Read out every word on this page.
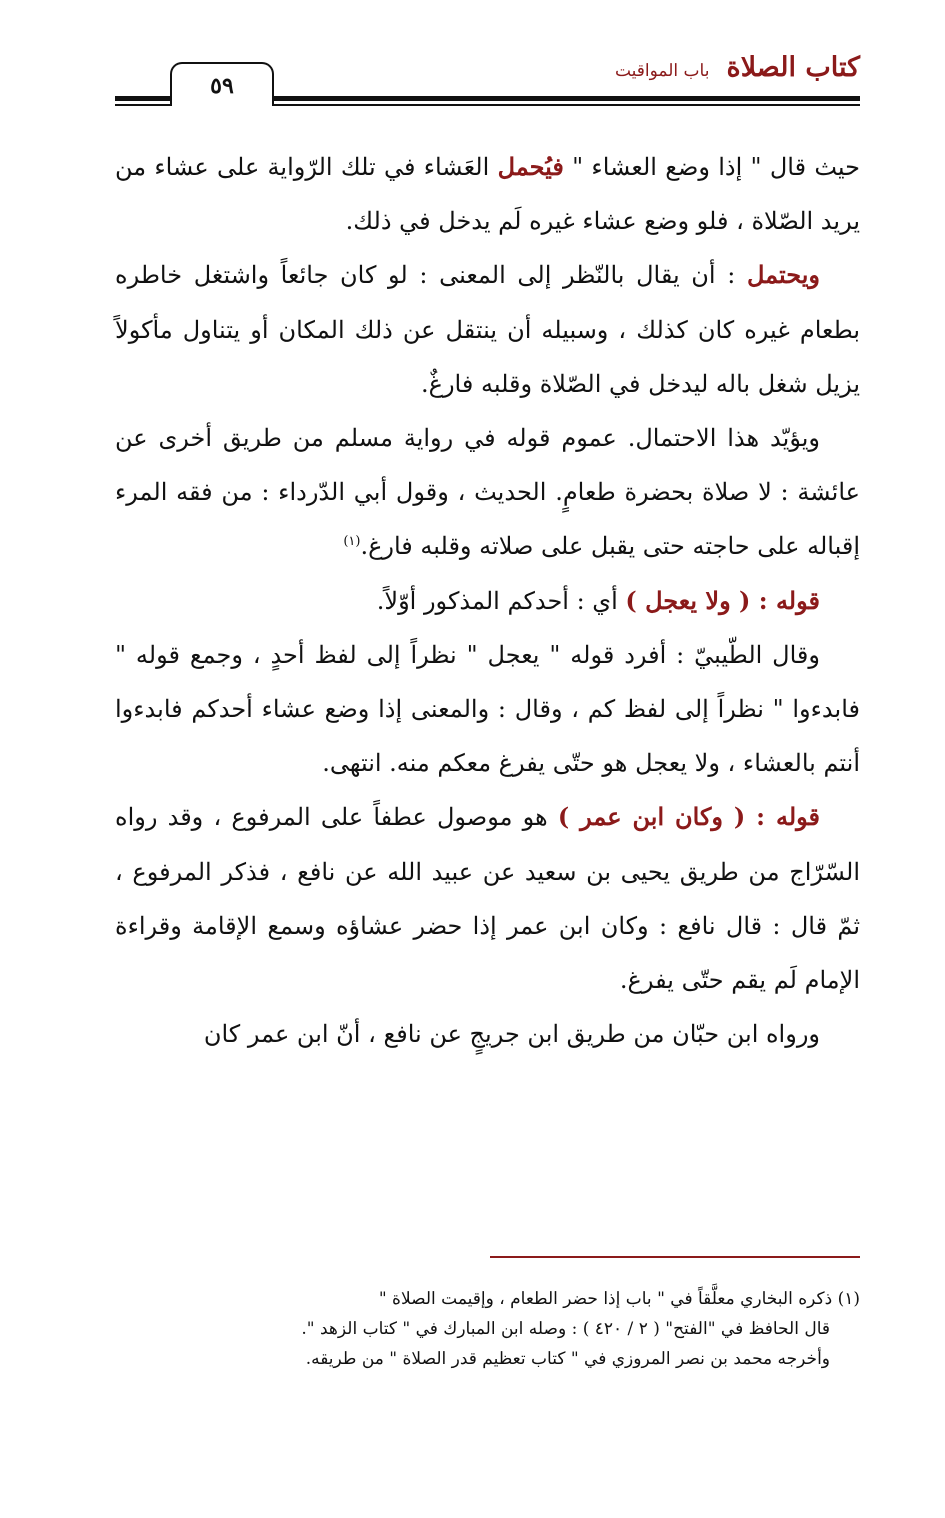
٥٩
كتاب الصلاة باب المواقيت

حيث قال " إذا وضع العشاء " فيُحمل العَشاء في تلك الرّواية على عشاء من يريد الصّلاة ، فلو وضع عشاء غيره لَم يدخل في ذلك.

ويحتمل : أن يقال بالنّظر إلى المعنى : لو كان جائعاً واشتغل خاطره بطعام غيره كان كذلك ، وسبيله أن ينتقل عن ذلك المكان أو يتناول مأكولاً يزيل شغل باله ليدخل في الصّلاة وقلبه فارغٌ.

ويؤيّد هذا الاحتمال. عموم قوله في رواية مسلم من طريق أخرى عن عائشة : لا صلاة بحضرة طعامٍ. الحديث ، وقول أبي الدّرداء : من فقه المرء إقباله على حاجته حتى يقبل على صلاته وقلبه فارغ.$^{(١)}$

قوله : ( ولا يعجل ) أي : أحدكم المذكور أوّلاً.

وقال الطّيبيّ : أفرد قوله " يعجل " نظراً إلى لفظ أحدٍ ، وجمع قوله " فابدءوا " نظراً إلى لفظ كم ، وقال : والمعنى إذا وضع عشاء أحدكم فابدءوا أنتم بالعشاء ، ولا يعجل هو حتّى يفرغ معكم منه. انتهى.

قوله : ( وكان ابن عمر ) هو موصول عطفاً على المرفوع ، وقد رواه السّرّاج من طريق يحيى بن سعيد عن عبيد الله عن نافع ، فذكر المرفوع ، ثمّ قال : قال نافع : وكان ابن عمر إذا حضر عشاؤه وسمع الإقامة وقراءة الإمام لَم يقم حتّى يفرغ.

ورواه ابن حبّان من طريق ابن جريجٍ عن نافع ، أنّ ابن عمر كان

(١) ذكره البخاري معلَّقاً في " باب إذا حضر الطعام ، وإقيمت الصلاة "

قال الحافظ في "الفتح" ( ٢ / ٤٢٠ ) : وصله ابن المبارك في " كتاب الزهد ".

وأخرجه محمد بن نصر المروزي في " كتاب تعظيم قدر الصلاة " من طريقه.
